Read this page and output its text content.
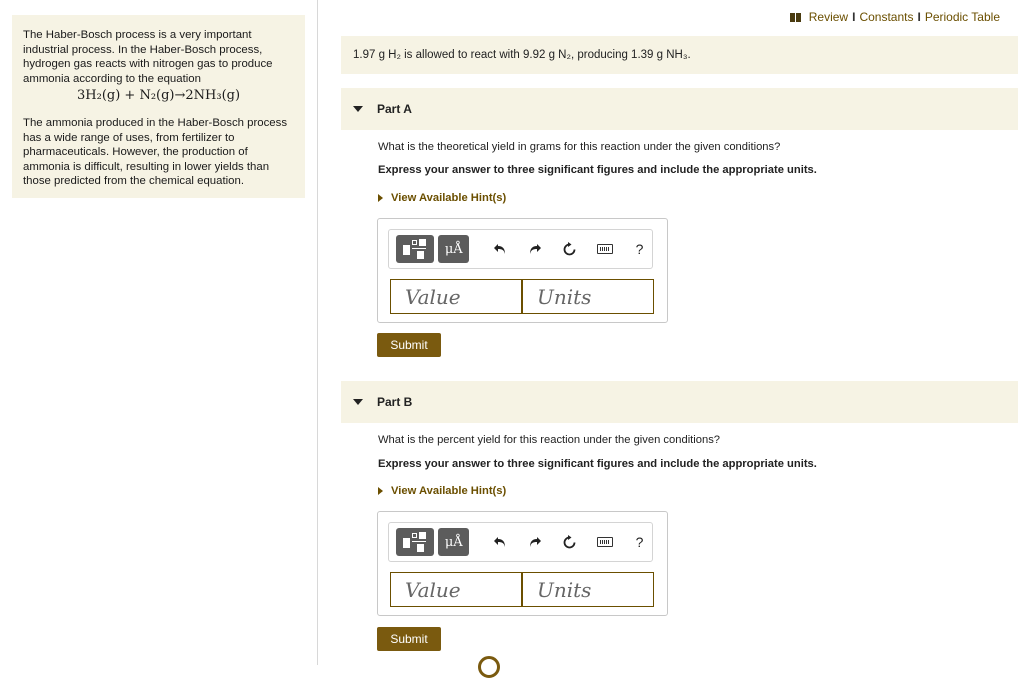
The Haber-Bosch process is a very important industrial process. In the Haber-Bosch process, hydrogen gas reacts with nitrogen gas to produce ammonia according to the equation

3H₂(g) + N₂(g)→2NH₃(g)

The ammonia produced in the Haber-Bosch process has a wide range of uses, from fertilizer to pharmaceuticals. However, the production of ammonia is difficult, resulting in lower yields than those predicted from the chemical equation.

Review I Constants I Periodic Table
1.97 g H₂ is allowed to react with 9.92 g N₂, producing 1.39 g NH₃.
Part A
What is the theoretical yield in grams for this reaction under the given conditions?
Express your answer to three significant figures and include the appropriate units.
View Available Hint(s)
μÅ	?
Value	Units
Submit
Part B
What is the percent yield for this reaction under the given conditions?
Express your answer to three significant figures and include the appropriate units.
View Available Hint(s)
μÅ	?
Value	Units
Submit
